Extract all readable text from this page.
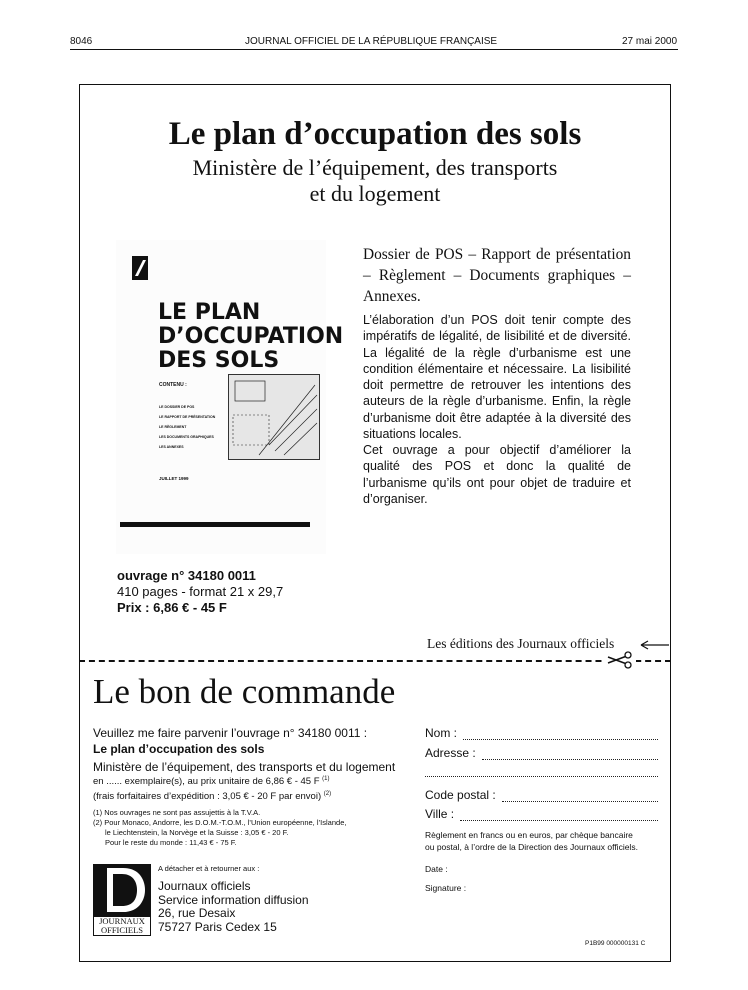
8046	JOURNAL OFFICIEL DE LA RÉPUBLIQUE FRANÇAISE	27 mai 2000
Le plan d’occupation des sols
Ministère de l’équipement, des transports
et du logement
LE PLAN
D’OCCUPATION
DES SOLS
CONTENU :
LE DOSSIER DE POS
LE RAPPORT DE PRÉSENTATION
LE RÈGLEMENT
LES DOCUMENTS GRAPHIQUES
LES ANNEXES
JUILLET 1999
Dossier de POS – Rapport de présentation – Règlement – Documents graphiques – Annexes.
L’élaboration d’un POS doit tenir compte des impératifs de légalité, de lisibilité et de diversité. La légalité de la règle d’urbanisme est une condition élémentaire et nécessaire. La lisibilité doit permettre de retrouver les intentions des auteurs de la règle d’urbanisme. Enfin, la règle d’urbanisme doit être adaptée à la diversité des situations locales.
Cet ouvrage a pour objectif d’améliorer la qualité des POS et donc la qualité de l’urbanisme qu’ils ont pour objet de traduire et d’organiser.
ouvrage n° 34180 0011
410 pages - format 21 x 29,7
Prix : 6,86 € - 45 F
Les éditions des Journaux officiels
Le bon de commande
Veuillez me faire parvenir l’ouvrage n° 34180 0011 :
Le plan d’occupation des sols
Ministère de l’équipement, des transports et du logement
en ...... exemplaire(s), au prix unitaire de 6,86 € - 45 F $^{(1)}$
(frais forfaitaires d’expédition : 3,05 € - 20 F par envoi) $^{(2)}$
(1) Nos ouvrages ne sont pas assujettis à la T.V.A.
(2) Pour Monaco, Andorre, les D.O.M.-T.O.M., l’Union européenne, l’Islande,
le Liechtenstein, la Norvège et la Suisse : 3,05 € - 20 F.
Pour le reste du monde : 11,43 € - 75 F.
JOURNAUX
OFFICIELS
A détacher et à retourner aux :
Journaux officiels
Service information diffusion
26, rue Desaix
75727 Paris Cedex 15
Nom :
Adresse :
Code postal :
Ville :
Règlement en francs ou en euros, par chèque bancaire
ou postal, à l’ordre de la Direction des Journaux officiels.
Date :
Signature :
P1B99 000000131 C
